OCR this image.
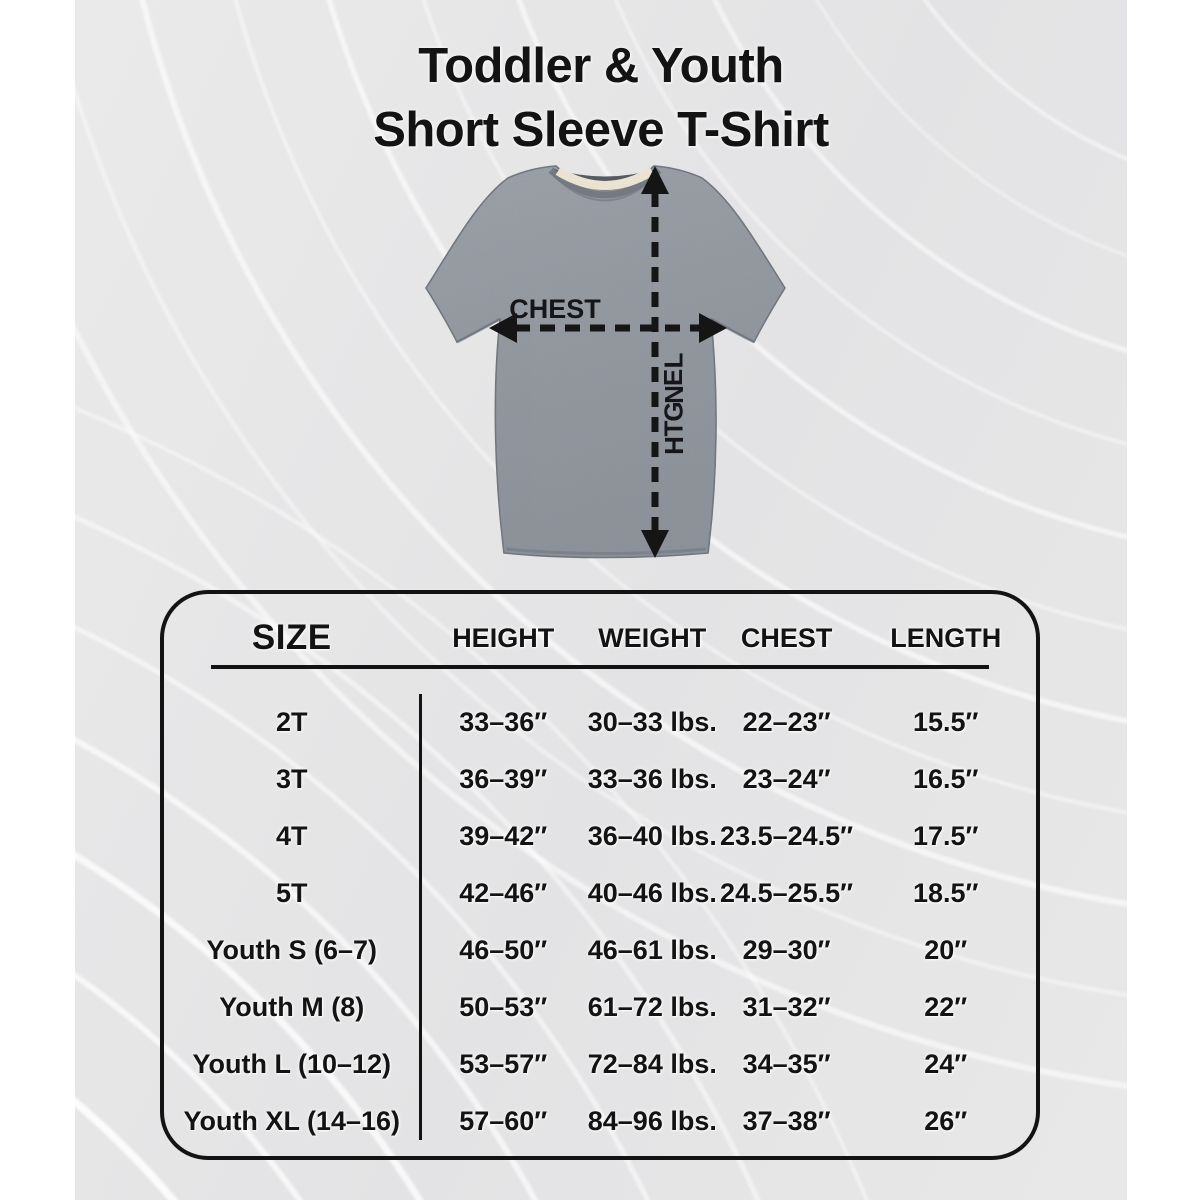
Toddler & Youth
Short Sleeve T-Shirt
CHEST
L
E
N
G
T
H
SIZE	HEIGHT	WEIGHT	CHEST	LENGTH
2T	33–36″	30–33 lbs. 22–23″	15.5″
3T	36–39″	33–36 lbs. 23–24″	16.5″
4T	39–42″	36–40 lbs. 23.5–24.5″	17.5″
5T	42–46″	40–46 lbs. 24.5–25.5″	18.5″
Youth S (6–7)	46–50″	46–61 lbs. 29–30″	20″
Youth M (8)	50–53″	61–72 lbs. 31–32″	22″
Youth L (10–12)	53–57″	72–84 lbs. 34–35″	24″
Youth XL (14–16)	57–60″	84–96 lbs. 37–38″	26″
